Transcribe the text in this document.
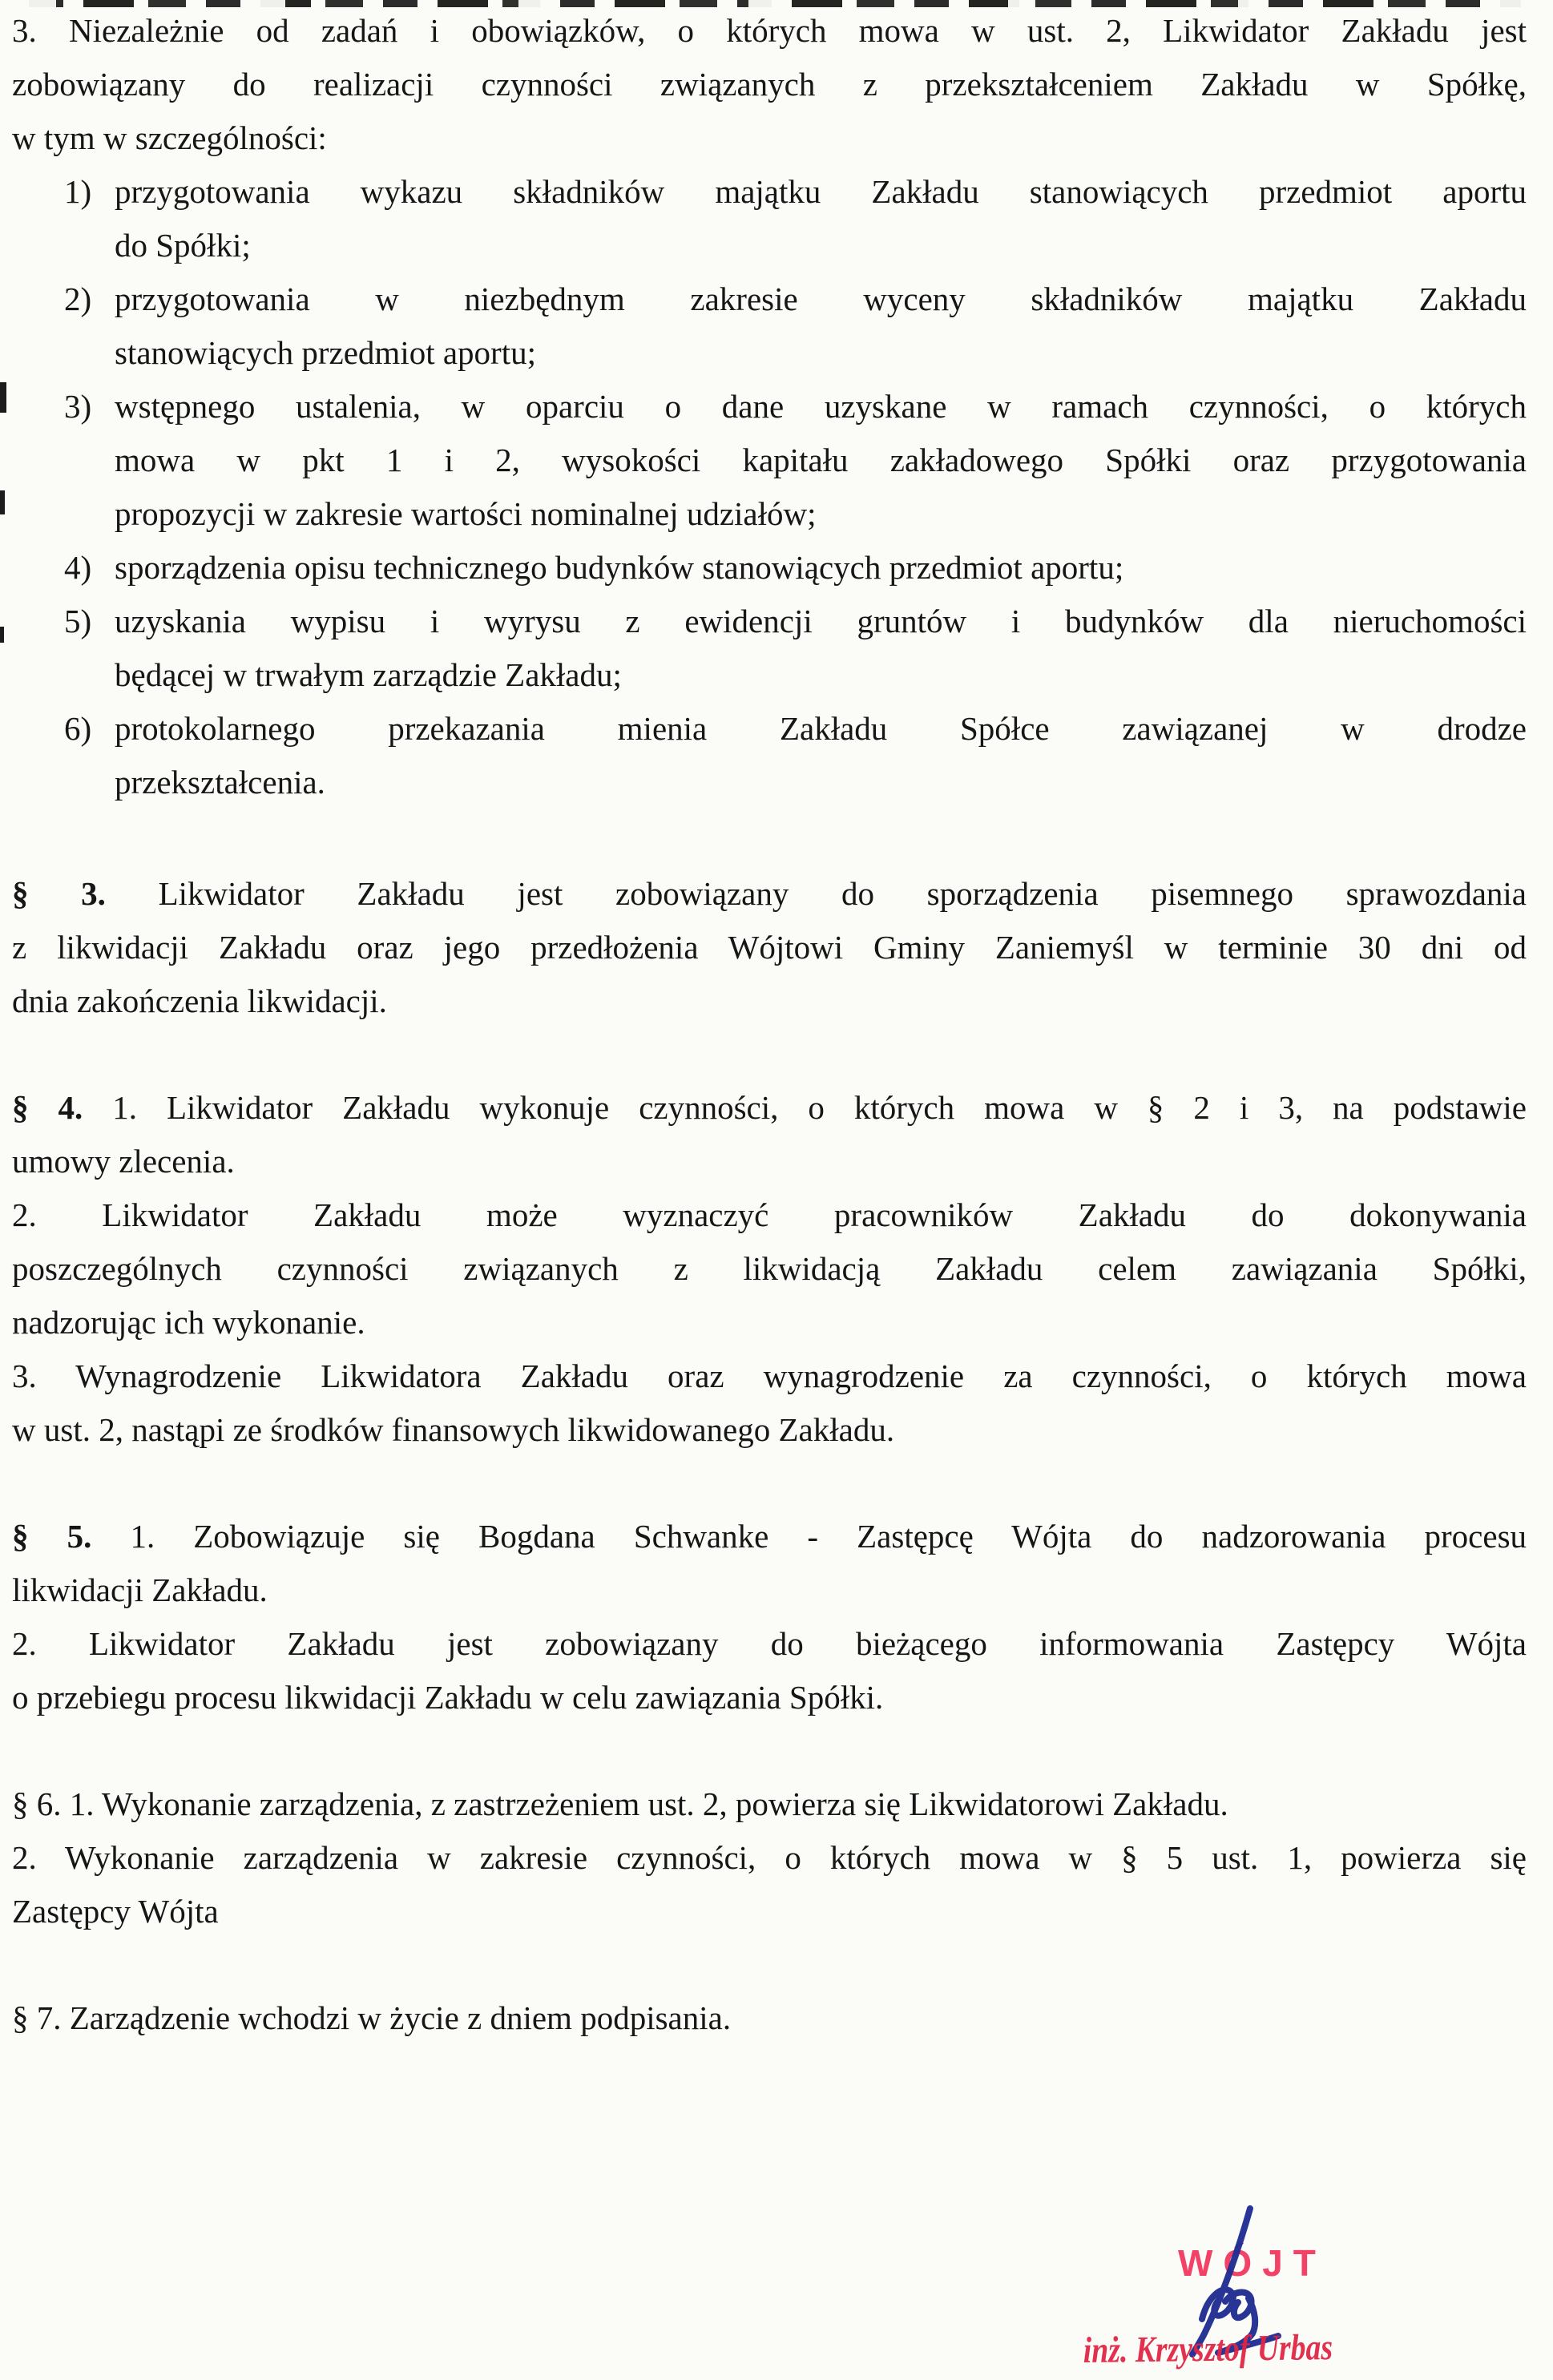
3. Niezależnie od zadań i obowiązków, o których mowa w ust. 2, Likwidator Zakładu jest
zobowiązany do realizacji czynności związanych z przekształceniem Zakładu w Spółkę,
w tym w szczególności:
1) przygotowania wykazu składników majątku Zakładu stanowiących przedmiot aportu
do Spółki;
2) przygotowania w niezbędnym zakresie wyceny składników majątku Zakładu
stanowiących przedmiot aportu;
3) wstępnego ustalenia, w oparciu o dane uzyskane w ramach czynności, o których
mowa w pkt 1 i 2, wysokości kapitału zakładowego Spółki oraz przygotowania
propozycji w zakresie wartości nominalnej udziałów;
4) sporządzenia opisu technicznego budynków stanowiących przedmiot aportu;
5) uzyskania wypisu i wyrysu z ewidencji gruntów i budynków dla nieruchomości
będącej w trwałym zarządzie Zakładu;
6) protokolarnego przekazania mienia Zakładu Spółce zawiązanej w drodze
przekształcenia.
§ 3. Likwidator Zakładu jest zobowiązany do sporządzenia pisemnego sprawozdania
z likwidacji Zakładu oraz jego przedłożenia Wójtowi Gminy Zaniemyśl w terminie 30 dni od
dnia zakończenia likwidacji.
§ 4. 1. Likwidator Zakładu wykonuje czynności, o których mowa w § 2 i 3, na podstawie
umowy zlecenia.
2. Likwidator Zakładu może wyznaczyć pracowników Zakładu do dokonywania
poszczególnych czynności związanych z likwidacją Zakładu celem zawiązania Spółki,
nadzorując ich wykonanie.
3. Wynagrodzenie Likwidatora Zakładu oraz wynagrodzenie za czynności, o których mowa
w ust. 2, nastąpi ze środków finansowych likwidowanego Zakładu.
§ 5. 1. Zobowiązuje się Bogdana Schwanke - Zastępcę Wójta do nadzorowania procesu
likwidacji Zakładu.
2. Likwidator Zakładu jest zobowiązany do bieżącego informowania Zastępcy Wójta
o przebiegu procesu likwidacji Zakładu w celu zawiązania Spółki.
§ 6. 1. Wykonanie zarządzenia, z zastrzeżeniem ust. 2, powierza się Likwidatorowi Zakładu.
2. Wykonanie zarządzenia w zakresie czynności, o których mowa w § 5 ust. 1, powierza się
Zastępcy Wójta
§ 7. Zarządzenie wchodzi w życie z dniem podpisania.
WÓJT
inż. Krzysztof Urbas
